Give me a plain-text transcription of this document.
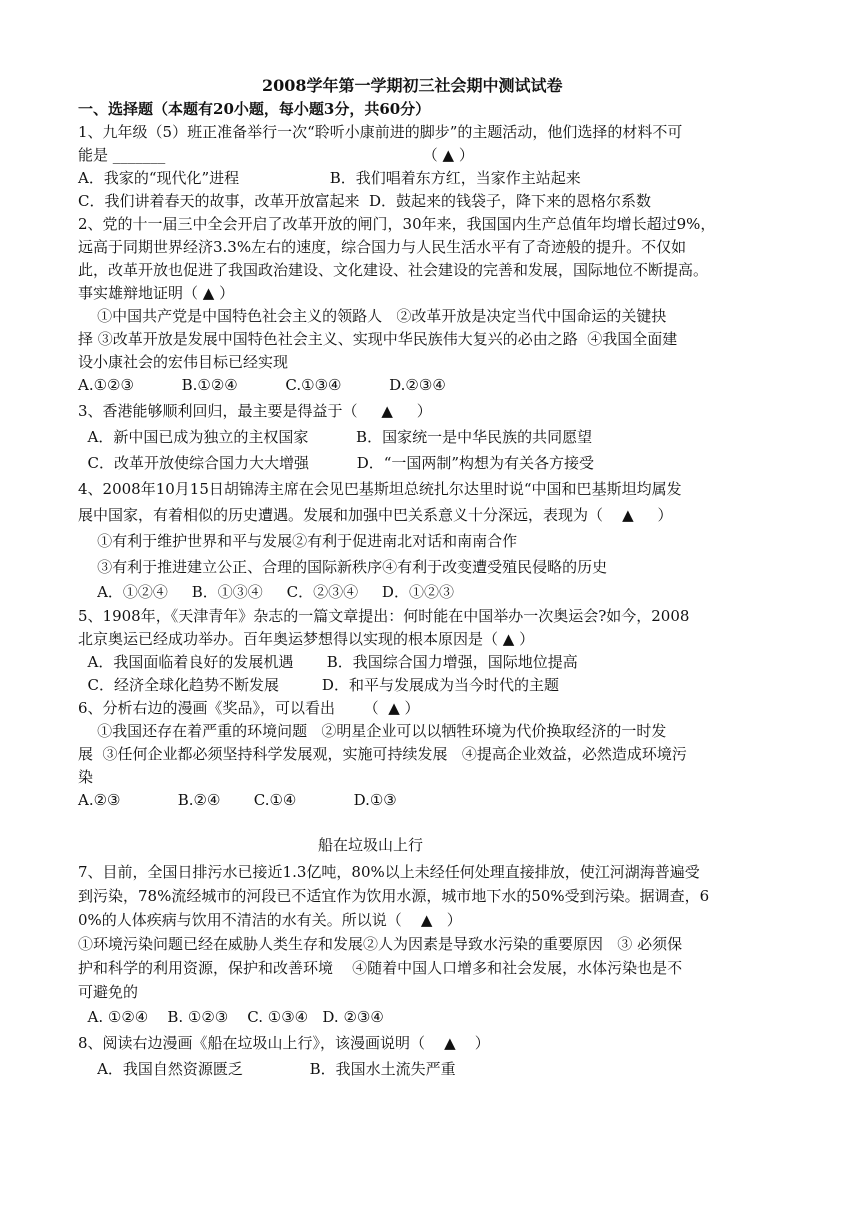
2008学年第一学期初三社会期中测试试卷
一、选择题（本题有20小题，每小题3分，共60分）
1、九年级（5）班正准备举行一次“聆听小康前进的脚步”的主题活动，他们选择的材料不可
能是 _______                                                      （ ▲ ）
A．我家的“现代化”进程                   B．我们唱着东方红，当家作主站起来
C．我们讲着春天的故事，改革开放富起来  D．鼓起来的钱袋子，降下来的恩格尔系数
2、党的十一届三中全会开启了改革开放的闸门，30年来，我国国内生产总值年均增长超过9%，
远高于同期世界经济3.3%左右的速度，综合国力与人民生活水平有了奇迹般的提升。不仅如
此，改革开放也促进了我国政治建设、文化建设、社会建设的完善和发展，国际地位不断提高。
事实雄辩地证明（ ▲ ）
①中国共产党是中国特色社会主义的领路人   ②改革开放是决定当代中国命运的关键抉
择 ③改革开放是发展中国特色社会主义、实现中华民族伟大复兴的必由之路  ④我国全面建
设小康社会的宏伟目标已经实现
A.①②③          B.①②④          C.①③④          D.②③④
3、香港能够顺利回归，最主要是得益于（     ▲     ）
A．新中国已成为独立的主权国家          B．国家统一是中华民族的共同愿望
C．改革开放使综合国力大大增强          D．“一国两制”构想为有关各方接受
4、2008年10月15日胡锦涛主席在会见巴基斯坦总统扎尔达里时说“中国和巴基斯坦均属发
展中国家，有着相似的历史遭遇。发展和加强中巴关系意义十分深远，表现为（    ▲     ）
①有利于维护世界和平与发展②有利于促进南北对话和南南合作
③有利于推进建立公正、合理的国际新秩序④有利于改变遭受殖民侵略的历史
A．①②④     B．①③④     C．②③④     D．①②③
5、1908年，《天津青年》杂志的一篇文章提出：何时能在中国举办一次奥运会?如今，2008
北京奥运已经成功举办。百年奥运梦想得以实现的根本原因是（ ▲ ）
A．我国面临着良好的发展机遇       B．我国综合国力增强，国际地位提高
C．经济全球化趋势不断发展         D．和平与发展成为当今时代的主题
6、分析右边的漫画《奖品》，可以看出      （  ▲ ）
①我国还存在着严重的环境问题   ②明星企业可以以牺牲环境为代价换取经济的一时发
展  ③任何企业都必须坚持科学发展观，实施可持续发展   ④提高企业效益，必然造成环境污
染
A.②③            B.②④       C.①④            D.①③
船在垃圾山上行
7、目前，全国日排污水已接近1.3亿吨，80%以上未经任何处理直接排放，使江河湖海普遍受
到污染，78%流经城市的河段已不适宜作为饮用水源，城市地下水的50%受到污染。据调查，6
0%的人体疾病与饮用不清洁的水有关。所以说（    ▲   ）
①环境污染问题已经在威胁人类生存和发展②人为因素是导致水污染的重要原因   ③ 必须保
护和科学的利用资源，保护和改善环境    ④随着中国人口增多和社会发展，水体污染也是不
可避免的
A. ①②④    B. ①②③    C. ①③④   D. ②③④
8、阅读右边漫画《船在垃圾山上行》，该漫画说明（    ▲    ）
A．我国自然资源匮乏              B．我国水土流失严重
